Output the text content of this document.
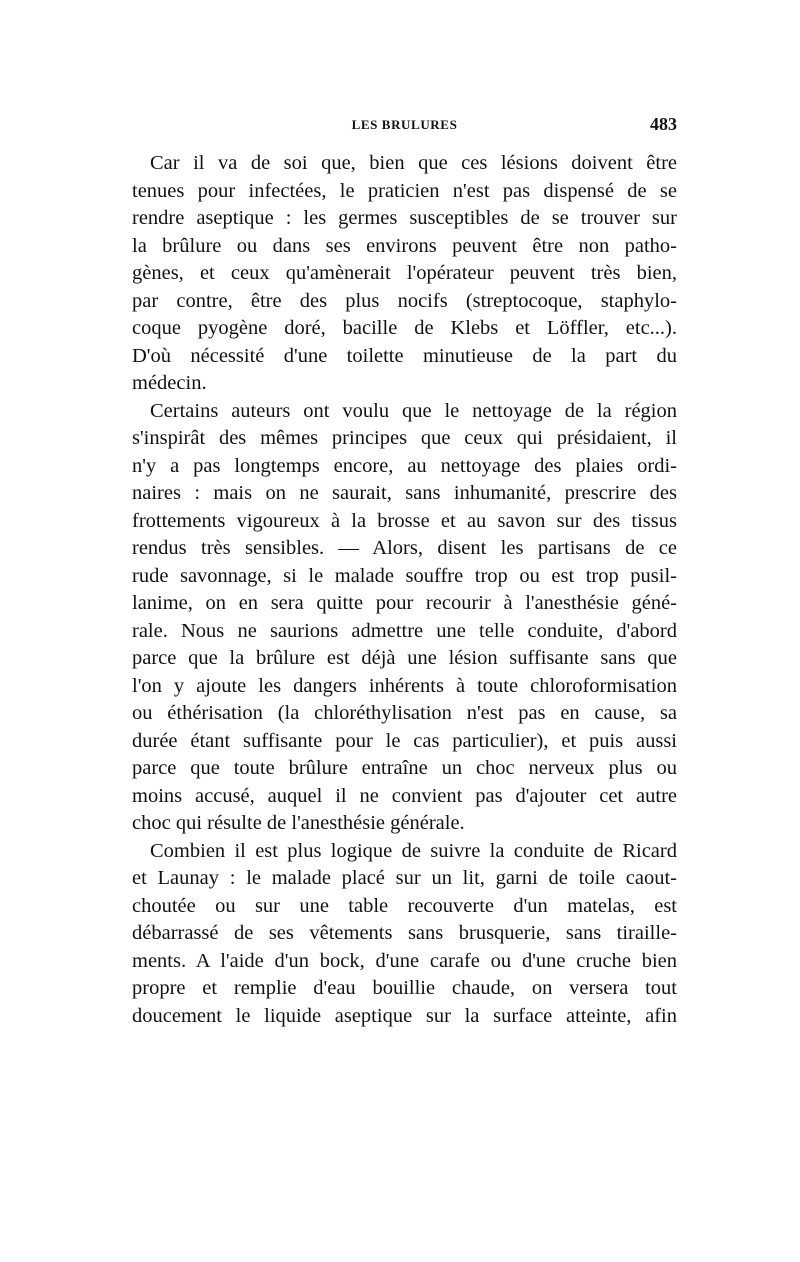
LES BRULURES	483
Car il va de soi que, bien que ces lésions doivent être
tenues pour infectées, le praticien n'est pas dispensé de se
rendre aseptique : les germes susceptibles de se trouver sur
la brûlure ou dans ses environs peuvent être non patho-
gènes, et ceux qu'amènerait l'opérateur peuvent très bien,
par contre, être des plus nocifs (streptocoque, staphylo-
coque pyogène doré, bacille de Klebs et Löffler, etc...).
D'où nécessité d'une toilette minutieuse de la part du
médecin.
Certains auteurs ont voulu que le nettoyage de la région
s'inspirât des mêmes principes que ceux qui présidaient, il
n'y a pas longtemps encore, au nettoyage des plaies ordi-
naires : mais on ne saurait, sans inhumanité, prescrire des
frottements vigoureux à la brosse et au savon sur des tissus
rendus très sensibles. — Alors, disent les partisans de ce
rude savonnage, si le malade souffre trop ou est trop pusil-
lanime, on en sera quitte pour recourir à l'anesthésie géné-
rale. Nous ne saurions admettre une telle conduite, d'abord
parce que la brûlure est déjà une lésion suffisante sans que
l'on y ajoute les dangers inhérents à toute chloroformisation
ou éthérisation (la chloréthylisation n'est pas en cause, sa
durée étant suffisante pour le cas particulier), et puis aussi
parce que toute brûlure entraîne un choc nerveux plus ou
moins accusé, auquel il ne convient pas d'ajouter cet autre
choc qui résulte de l'anesthésie générale.
Combien il est plus logique de suivre la conduite de Ricard
et Launay : le malade placé sur un lit, garni de toile caout-
choutée ou sur une table recouverte d'un matelas, est
débarrassé de ses vêtements sans brusquerie, sans tiraille-
ments. A l'aide d'un bock, d'une carafe ou d'une cruche bien
propre et remplie d'eau bouillie chaude, on versera tout
doucement le liquide aseptique sur la surface atteinte, afin
